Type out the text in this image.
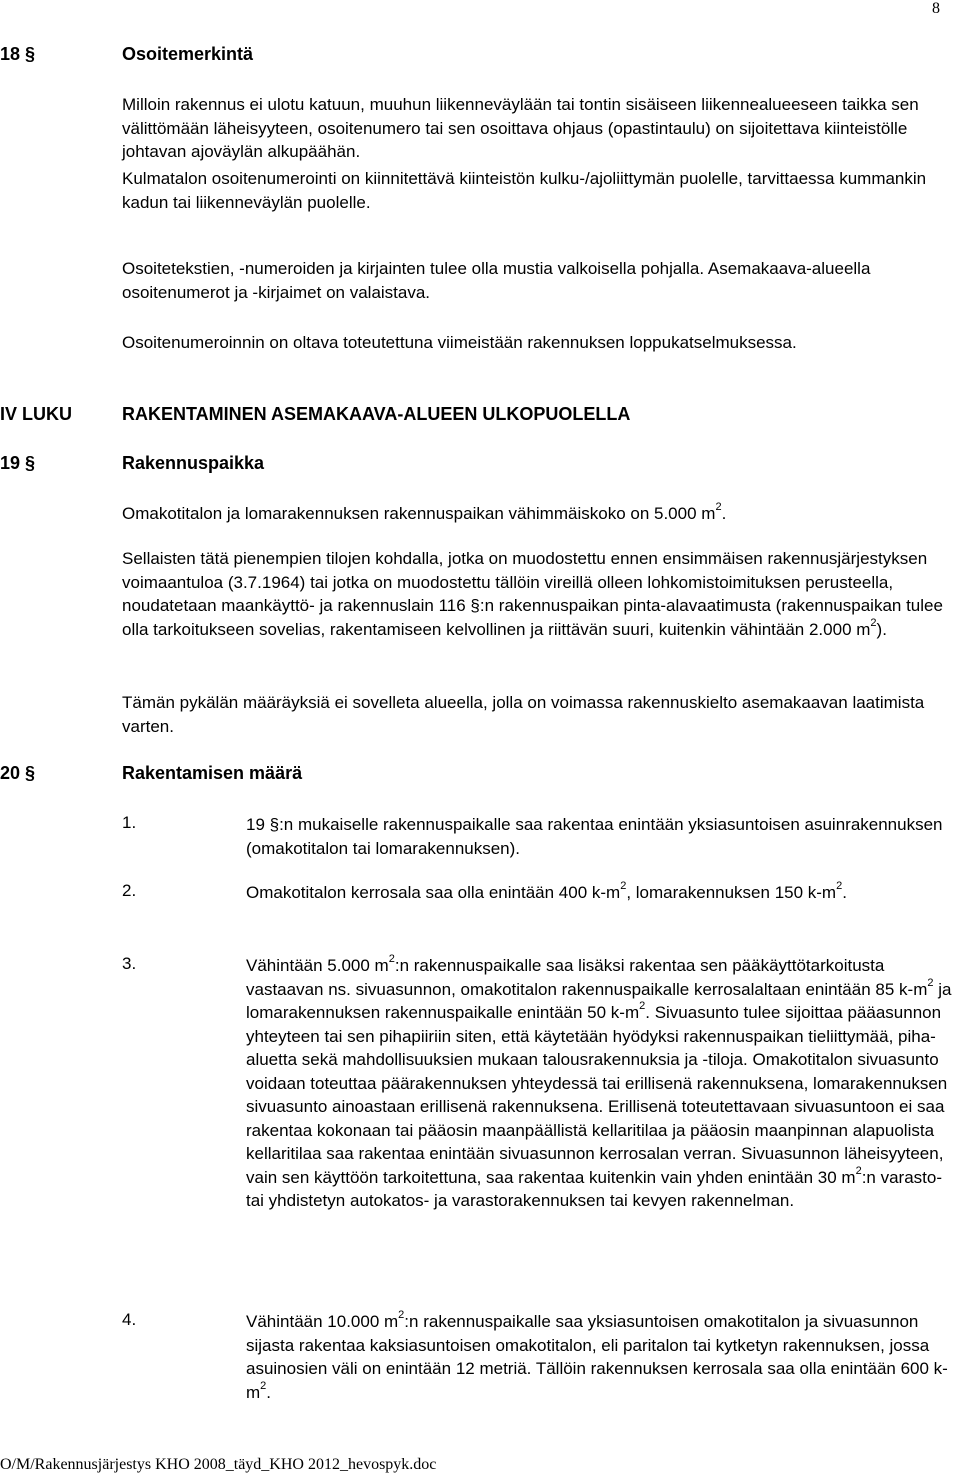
8
18 §	Osoitemerkintä
Milloin rakennus ei ulotu katuun, muuhun liikenneväylään tai tontin sisäiseen liikennealueeseen taikka sen välittömään läheisyyteen, osoitenumero tai sen osoittava ohjaus (opastintaulu) on sijoitettava kiinteistölle johtavan ajoväylän alkupäähän.
Kulmatalon osoitenumerointi on kiinnitettävä kiinteistön kulku-/ajoliittymän puolelle, tarvittaessa kummankin kadun tai liikenneväylän puolelle.
Osoitetekstien, -numeroiden ja kirjainten tulee olla mustia valkoisella pohjalla. Asemakaava-alueella osoitenumerot ja -kirjaimet on valaistava.
Osoitenumeroinnin on oltava toteutettuna viimeistään rakennuksen loppukatselmuksessa.
IV LUKU	RAKENTAMINEN ASEMAKAAVA-ALUEEN ULKOPUOLELLA
19 §	Rakennuspaikka
Omakotitalon ja lomarakennuksen rakennuspaikan vähimmäiskoko on 5.000 $m^2$.
Sellaisten tätä pienempien tilojen kohdalla, jotka on muodostettu ennen ensimmäisen rakennusjärjestyksen voimaantuloa (3.7.1964) tai jotka on muodostettu tällöin vireillä olleen lohkomistoimituksen perusteella, noudatetaan maankäyttö- ja rakennuslain 116 §:n rakennuspaikan pinta-alavaatimusta (rakennuspaikan tulee olla tarkoitukseen sovelias, rakentamiseen kelvollinen ja riittävän suuri, kuitenkin vähintään 2.000 $m^2$).
Tämän pykälän määräyksiä ei sovelleta alueella, jolla on voimassa rakennuskielto asemakaavan laatimista varten.
20 §	Rakentamisen määrä
1.	19 §:n mukaiselle rakennuspaikalle saa rakentaa enintään yksiasuntoisen asuinrakennuksen (omakotitalon tai lomarakennuksen).
2.	Omakotitalon kerrosala saa olla enintään 400 $k-m^2$, lomarakennuksen 150 $k-m^2$.
3.	Vähintään 5.000 $m^2:n$ rakennuspaikalle saa lisäksi rakentaa sen pääkäyttötarkoitusta vastaavan ns. sivuasunnon, omakotitalon rakennuspaikalle kerrosalaltaan enintään 85 $k-m^2$ ja lomarakennuksen rakennuspaikalle enintään 50 $k-m^2$. Sivuasunto tulee sijoittaa pääasunnon yhteyteen tai sen pihapiiriin siten, että käytetään hyödyksi rakennuspaikan tieliittymää, piha-aluetta sekä mahdollisuuksien mukaan talousrakennuksia ja -tiloja. Omakotitalon sivuasunto voidaan toteuttaa päärakennuksen yhteydessä tai erillisenä rakennuksena, lomarakennuksen sivuasunto ainoastaan erillisenä rakennuksena. Erillisenä toteutettavaan sivuasuntoon ei saa rakentaa kokonaan tai pääosin maanpäällistä kellaritilaa ja pääosin maanpinnan alapuolista kellaritilaa saa rakentaa enintään sivuasunnon kerrosalan verran. Sivuasunnon läheisyyteen, vain sen käyttöön tarkoitettuna, saa rakentaa kuitenkin vain yhden enintään 30 $m^2:n$ varasto- tai yhdistetyn autokatos- ja varastorakennuksen tai kevyen rakennelman.
4.	Vähintään 10.000 $m^2:n$ rakennuspaikalle saa yksiasuntoisen omakotitalon ja sivuasunnon sijasta rakentaa kaksiasuntoisen omakotitalon, eli paritalon tai kytketyn rakennuksen, jossa asuinosien väli on enintään 12 metriä. Tällöin rakennuksen kerrosala saa olla enintään 600 $k-m^2$.
O/M/Rakennusjärjestys KHO 2008_täyd_KHO 2012_hevospyk.doc
